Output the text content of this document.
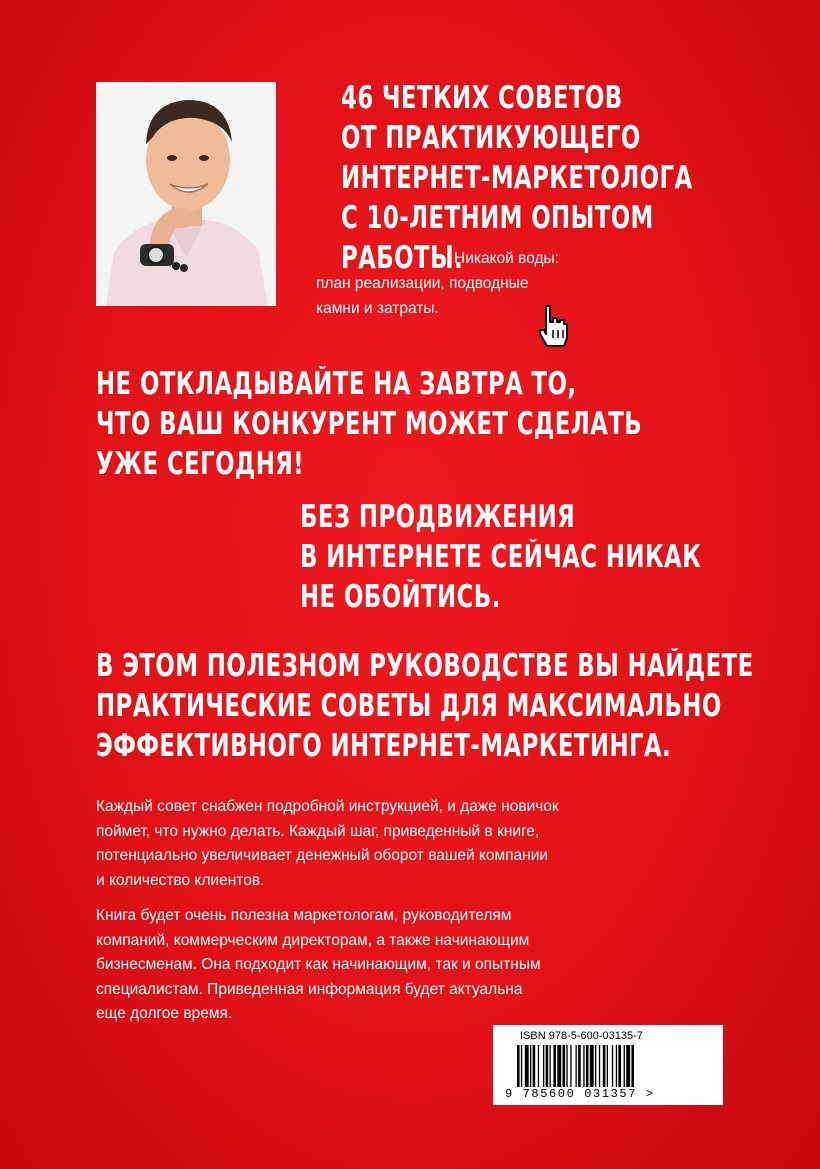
46 ЧЕТКИХ СОВЕТОВ
ОТ ПРАКТИКУЮЩЕГО
ИНТЕРНЕТ-МАРКЕТОЛОГА
С 10-ЛЕТНИМ ОПЫТОМ
РАБОТЫ.
Никакой воды:
план реализации, подводные
камни и затраты.
НЕ ОТКЛАДЫВАЙТЕ НА ЗАВТРА ТО,
ЧТО ВАШ КОНКУРЕНТ МОЖЕТ СДЕЛАТЬ
УЖЕ СЕГОДНЯ!
БЕЗ ПРОДВИЖЕНИЯ
В ИНТЕРНЕТЕ СЕЙЧАС НИКАК
НЕ ОБОЙТИСЬ.
В ЭТОМ ПОЛЕЗНОМ РУКОВОДСТВЕ ВЫ НАЙДЕТЕ
ПРАКТИЧЕСКИЕ СОВЕТЫ ДЛЯ МАКСИМАЛЬНО
ЭФФЕКТИВНОГО ИНТЕРНЕТ-МАРКЕТИНГА.
Каждый совет снабжен подробной инструкцией, и даже новичок
поймет, что нужно делать. Каждый шаг, приведенный в книге,
потенциально увеличивает денежный оборот вашей компании
и количество клиентов.
Книга будет очень полезна маркетологам, руководителям
компаний, коммерческим директорам, а также начинающим
бизнесменам. Она подходит как начинающим, так и опытным
специалистам. Приведенная информация будет актуальна
еще долгое время.
ISBN 978-5-600-03135-7
9 785600 031357 >
